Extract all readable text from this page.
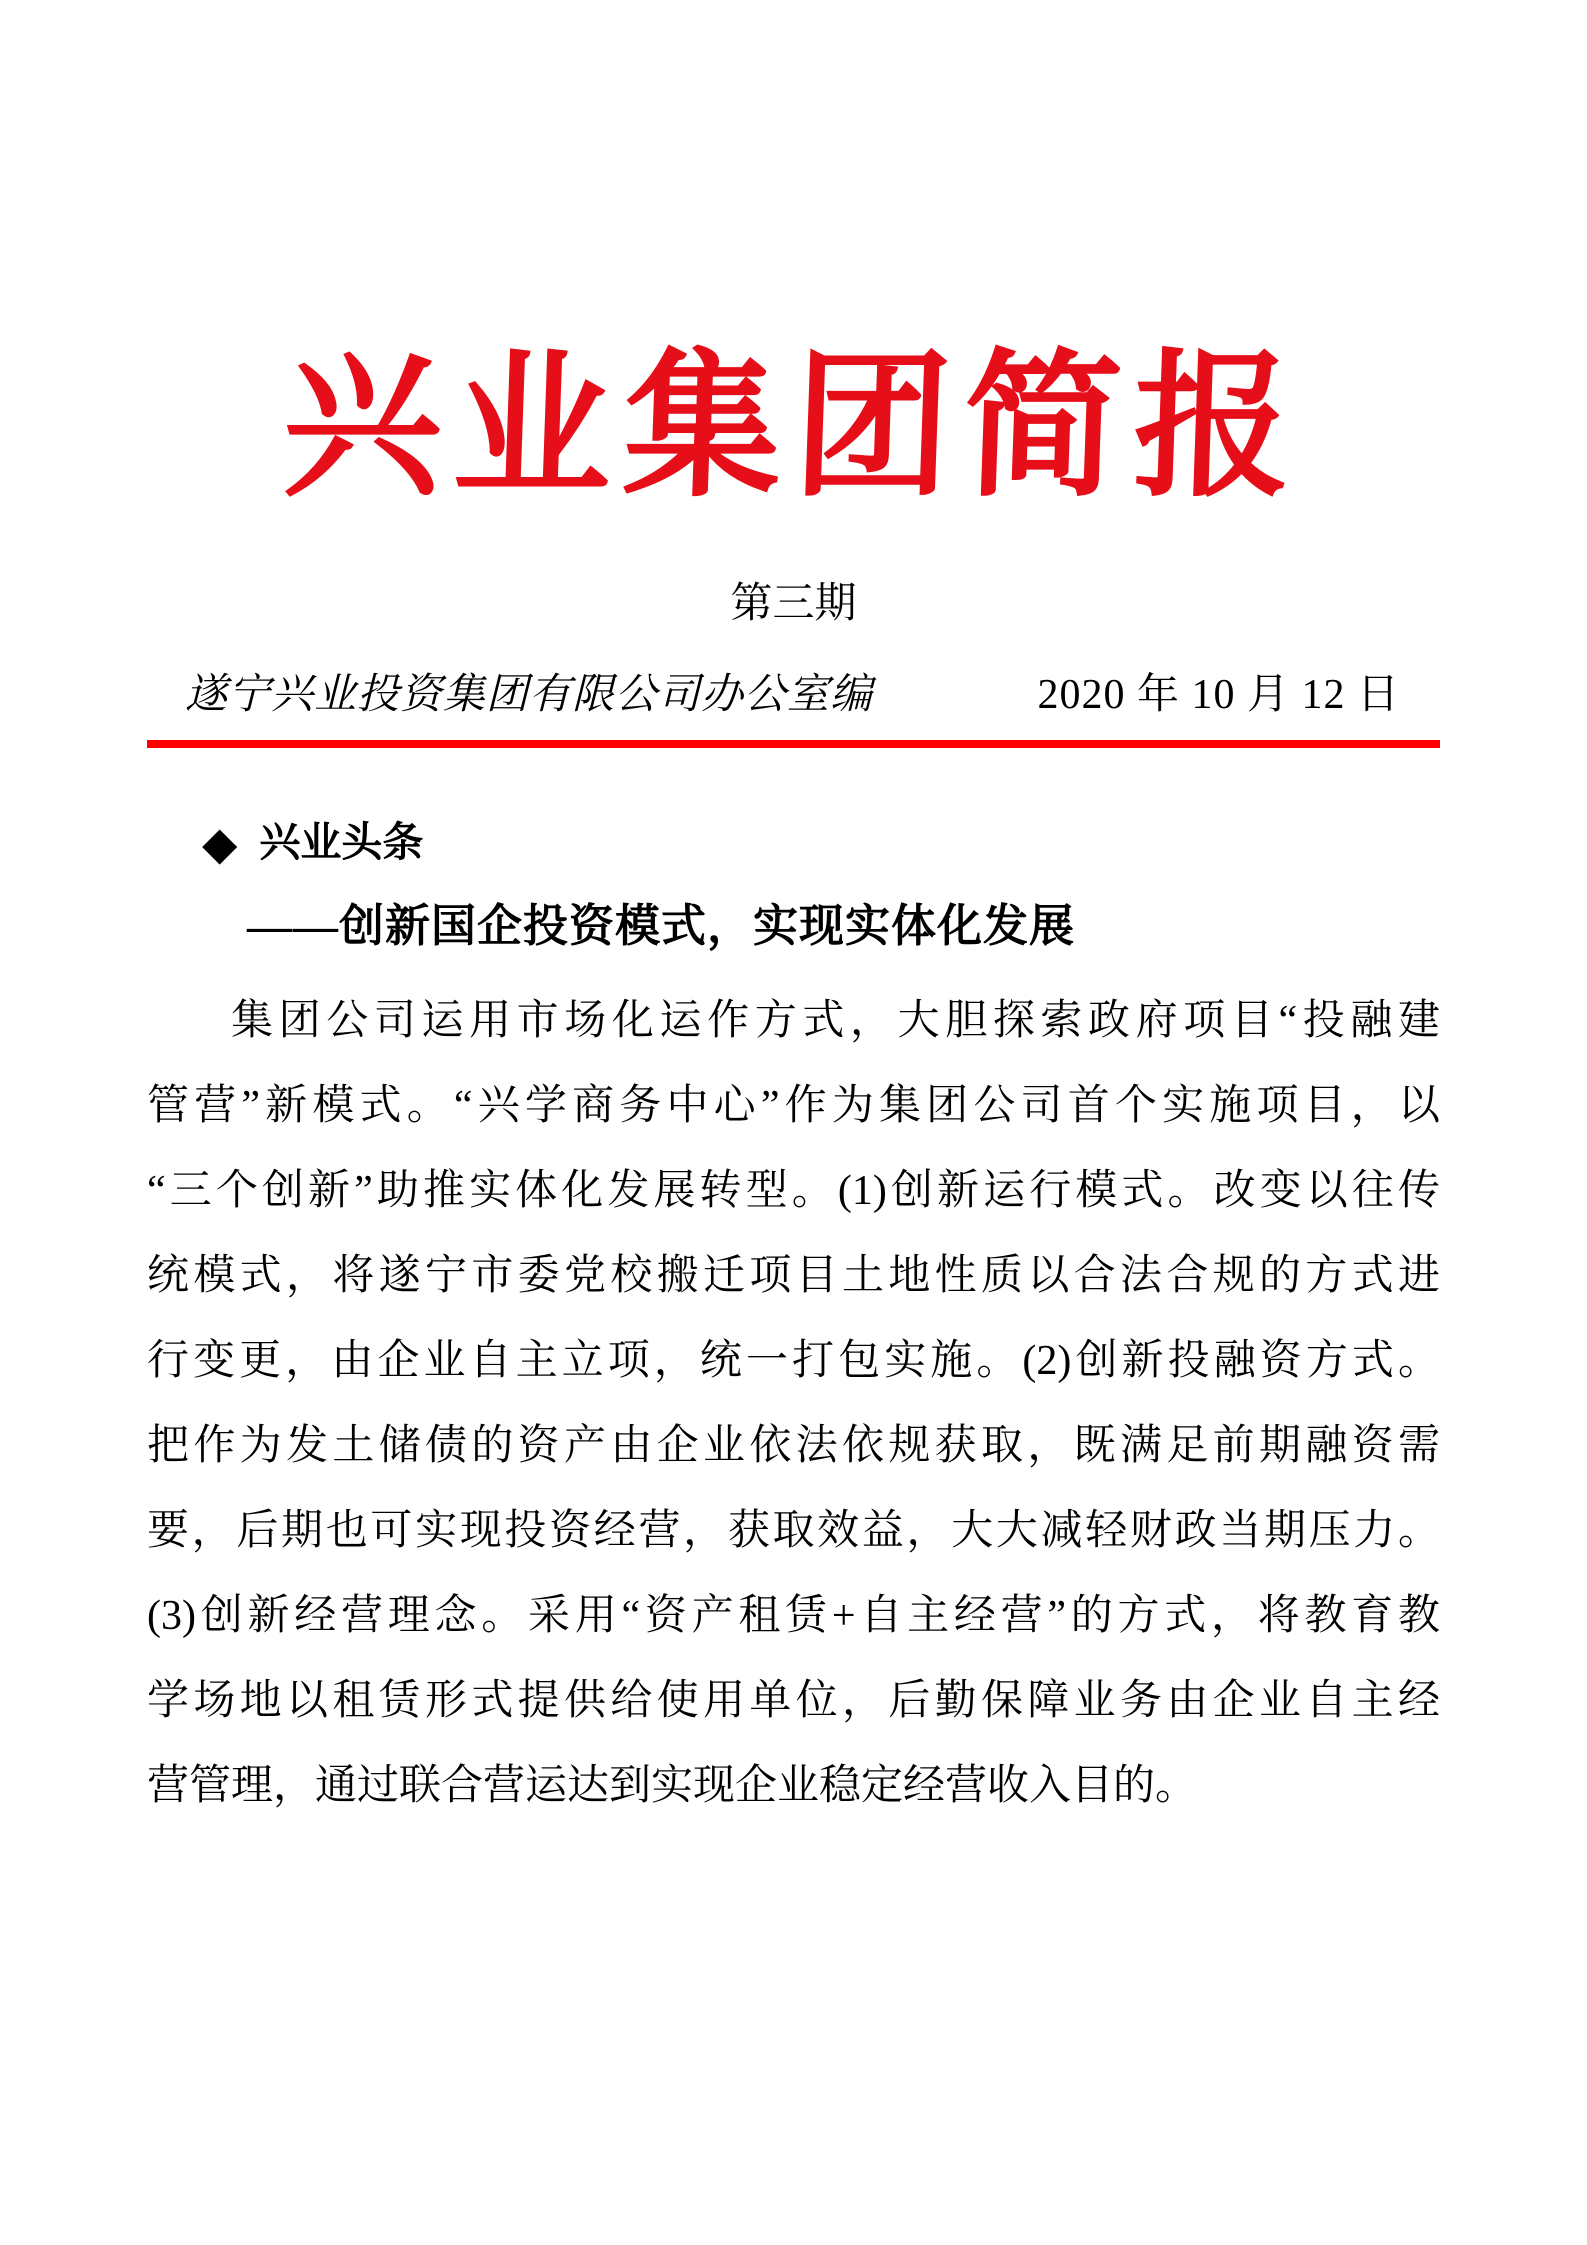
兴业集团简报
第三期
遂宁兴业投资集团有限公司办公室编	2020 年 10 月 12 日
◆ 兴业头条
——创新国企投资模式，实现实体化发展
集团公司运用市场化运作方式，大胆探索政府项目“投融建
管营”新模式。“兴学商务中心”作为集团公司首个实施项目，以
“三个创新”助推实体化发展转型。(1)创新运行模式。改变以往传
统模式，将遂宁市委党校搬迁项目土地性质以合法合规的方式进
行变更，由企业自主立项，统一打包实施。(2)创新投融资方式。
把作为发土储债的资产由企业依法依规获取，既满足前期融资需
要，后期也可实现投资经营，获取效益，大大减轻财政当期压力。
(3)创新经营理念。采用“资产租赁+自主经营”的方式，将教育教
学场地以租赁形式提供给使用单位，后勤保障业务由企业自主经
营管理，通过联合营运达到实现企业稳定经营收入目的。
